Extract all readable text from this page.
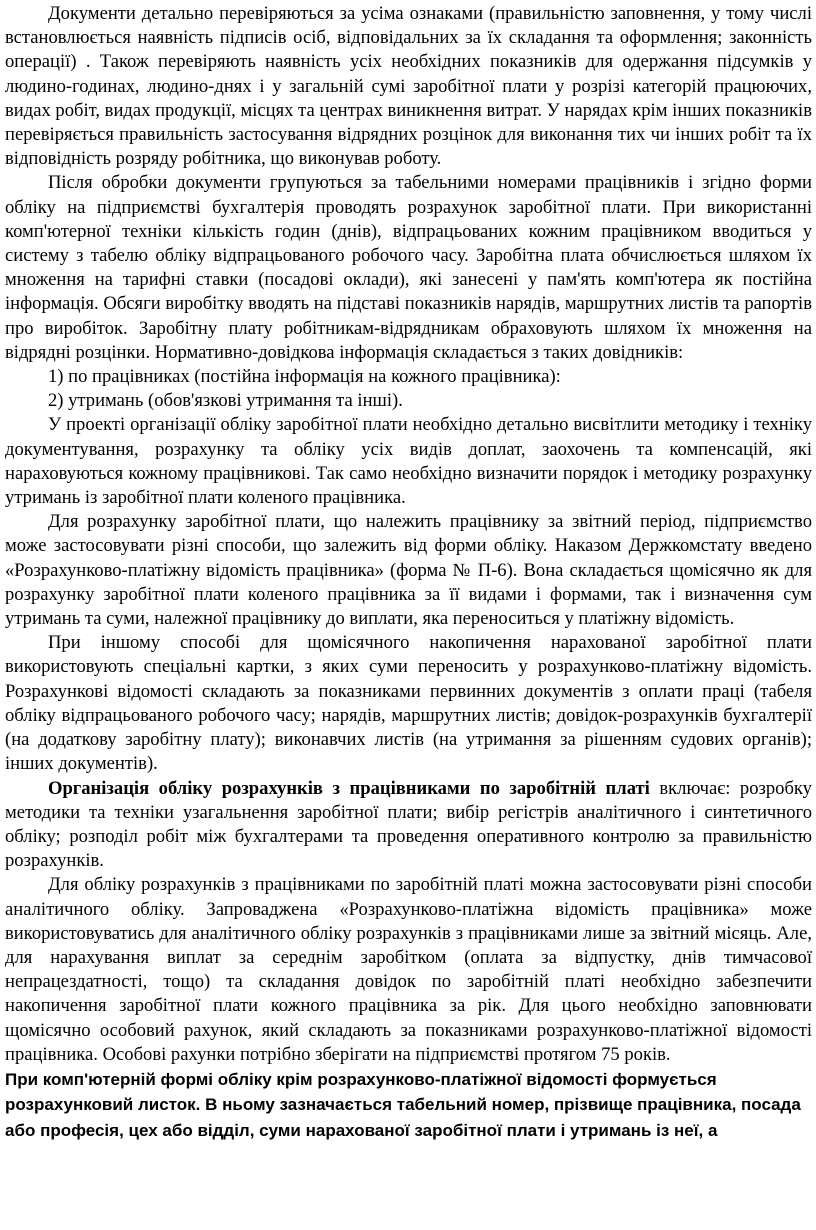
Документи детально перевіряються за усіма ознаками (правильністю заповнення, у тому числі встановлюється наявність підписів осіб, відповідальних за їх складання та оформлення; законність операції) . Також перевіряють наявність усіх необхідних показників для одержання підсумків у людино-годинах, людино-днях і у загальній сумі заробітної плати у розрізі категорій працюючих, видах робіт, видах продукції, місцях та центрах виникнення витрат. У нарядах крім інших показників перевіряється правильність застосування відрядних розцінок для виконання тих чи інших робіт та їх відповідність розряду робітника, що виконував роботу.

Після обробки документи групуються за табельними номерами працівників і згідно форми обліку на підприємстві бухгалтерія проводять розрахунок заробітної плати. При використанні комп'ютерної техніки кількість годин (днів), відпрацьованих кожним працівником вводиться у систему з табелю обліку відпрацьованого робочого часу. Заробітна плата обчислюється шляхом їх множення на тарифні ставки (посадові оклади), які занесені у пам'ять комп'ютера як постійна інформація. Обсяги виробітку вводять на підставі показників нарядів, маршрутних листів та рапортів про виробіток. Заробітну плату робітникам-відрядникам обраховують шляхом їх множення на відрядні розцінки. Нормативно-довідкова інформація складається з таких довідників:

1) по працівниках (постійна інформація на кожного працівника):

2) утримань (обов'язкові утримання та інші).

У проекті організації обліку заробітної плати необхідно детально висвітлити методику і техніку документування, розрахунку та обліку усіх видів доплат, заохочень та компенсацій, які нараховуються кожному працівникові. Так само необхідно визначити порядок і методику розрахунку утримань із заробітної плати коленого працівника.

Для розрахунку заробітної плати, що належить працівнику за звітний період, підприємство може застосовувати різні способи, що залежить від форми обліку. Наказом Держкомстату введено «Розрахунково-платіжну відомість працівника» (форма № П-6). Вона складається щомісячно як для розрахунку заробітної плати коленого працівника за її видами і формами, так і визначення сум утримань та суми, належної працівнику до виплати, яка переноситься у платіжну відомість.

При іншому способі для щомісячного накопичення нарахованої заробітної плати використовують спеціальні картки, з яких суми переносить у розрахунково-платіжну відомість. Розрахункові відомості складають за показниками первинних документів з оплати праці (табеля обліку відпрацьованого робочого часу; нарядів, маршрутних листів; довідок-розрахунків бухгалтерії (на додаткову заробітну плату); виконавчих листів (на утримання за рішенням судових органів); інших документів).

Організація обліку розрахунків з працівниками по заробітній платі включає: розробку методики та техніки узагальнення заробітної плати; вибір регістрів аналітичного і синтетичного обліку; розподіл робіт між бухгалтерами та проведення оперативного контролю за правильністю розрахунків.

Для обліку розрахунків з працівниками по заробітній платі можна застосовувати різні способи аналітичного обліку. Запроваджена «Розрахунково-платіжна відомість працівника» може використовуватись для аналітичного обліку розрахунків з працівниками лише за звітний місяць. Але, для нарахування виплат за середнім заробітком (оплата за відпустку, днів тимчасової непрацездатності, тощо) та складання довідок по заробітній платі необхідно забезпечити накопичення заробітної плати кожного працівника за рік. Для цього необхідно заповнювати щомісячно особовий рахунок, який складають за показниками розрахунково-платіжної відомості працівника. Особові рахунки потрібно зберігати на підприємстві протягом 75 років.

При комп'ютерній формі обліку крім розрахунково-платіжної відомості формується розрахунковий листок. В ньому зазначається табельний номер, прізвище працівника, посада або професія, цех або відділ, суми нарахованої заробітної плати і утримань із неї, а
